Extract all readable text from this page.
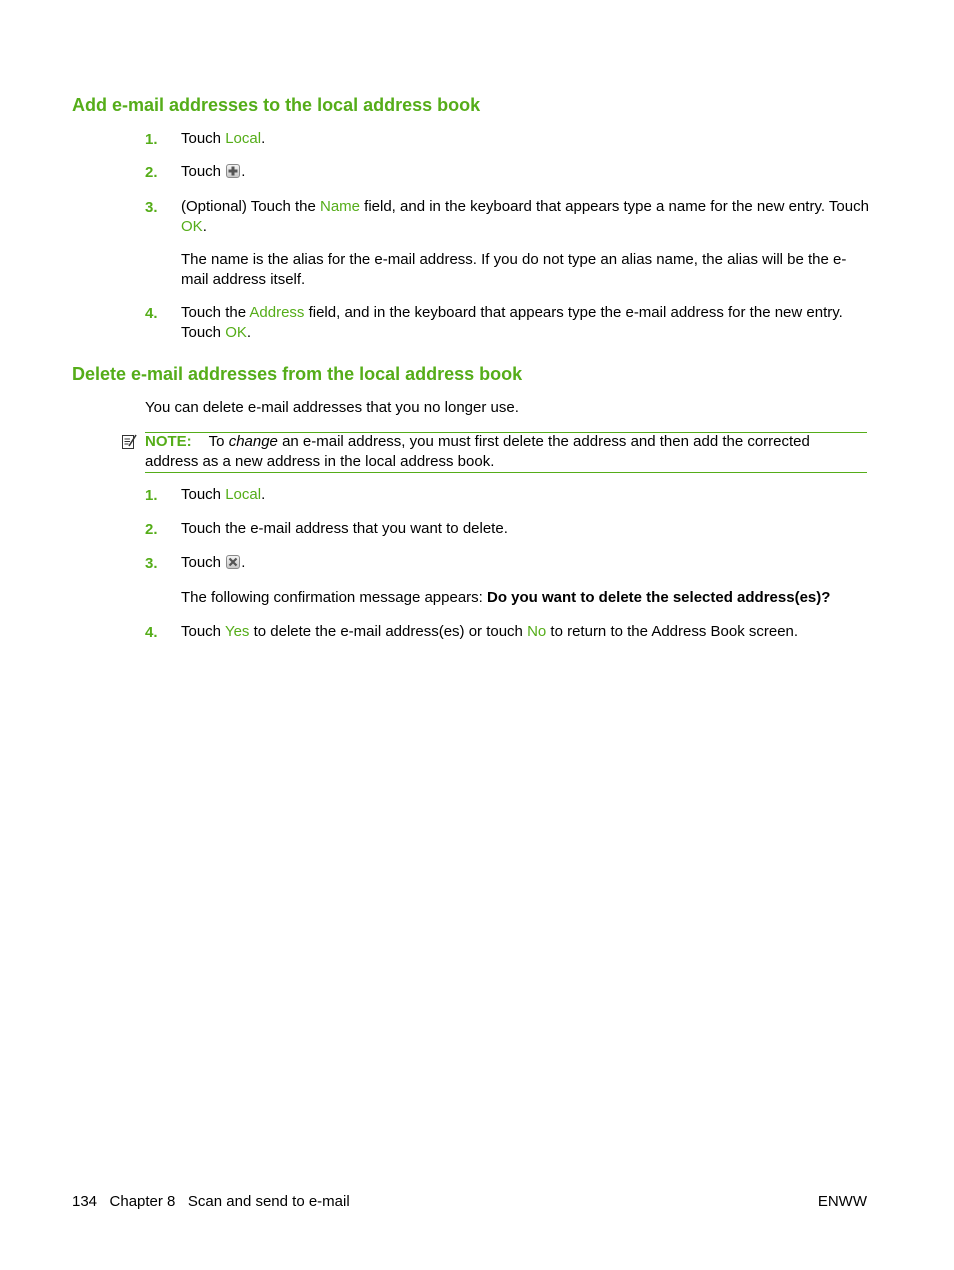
Add e-mail addresses to the local address book
1. Touch Local.
2. Touch
.
3. (Optional) Touch the Name field, and in the keyboard that appears type a name for the new entry. Touch OK.
The name is the alias for the e-mail address. If you do not type an alias name, the alias will be the e-mail address itself.
4. Touch the Address field, and in the keyboard that appears type the e-mail address for the new entry. Touch OK.
Delete e-mail addresses from the local address book
You can delete e-mail addresses that you no longer use.
NOTE: To change an e-mail address, you must first delete the address and then add the corrected address as a new address in the local address book.
1. Touch Local.
2. Touch the e-mail address that you want to delete.
3. Touch
.
The following confirmation message appears: Do you want to delete the selected address(es)?
4. Touch Yes to delete the e-mail address(es) or touch No to return to the Address Book screen.
134   Chapter 8   Scan and send to e-mail	ENWW
